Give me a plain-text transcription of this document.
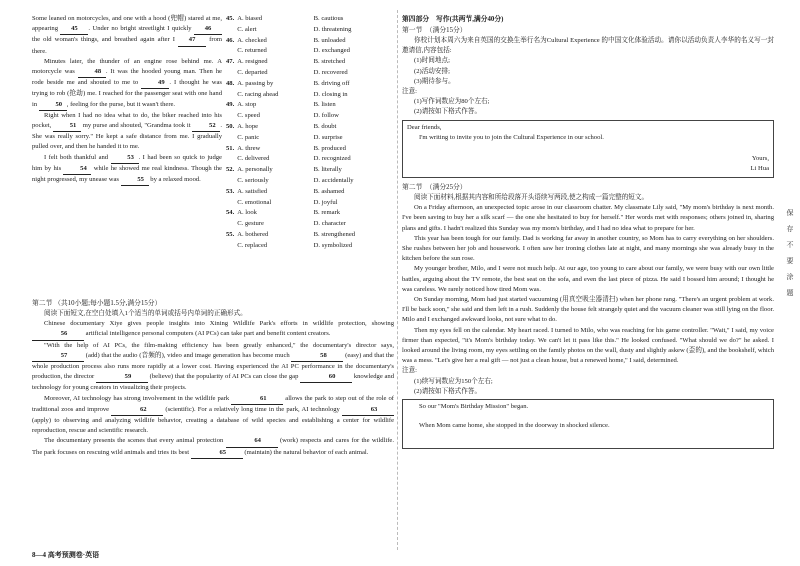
Some leaned on motorcycles, and one with a hood (兜帽) stared at me, appearing 45 . Under no bright streetlight I quickly 46 the old woman's things, and breathed again after I 47 from there.

Minutes later, the thunder of an engine rose behind me. A motorcycle was	48 . It was the hooded young man. Then he rode beside me and shouted to me to	49 . I thought he was trying to rob (抢劫) me. I reached for the passenger seat with one hand in	50 , feeling for the purse, but it wasn't there.

Right when I had no idea what to do, the biker reached into his pocket,	51 my purse and shouted, "Grandma took it	52 . She was really sorry." He kept a safe distance from me. I gradually pulled over, and then he handed it to me.

I felt both thankful and	53 . I had been so quick to judge him by his	54 while he showed me real kindness. Though the night progressed, my unease was	55 by a relaxed mood.

45. A. biased	B. cautious
C. alert	D. threatening
46. A. checked	B. unloaded
C. returned	D. exchanged
47. A. resigned	B. stretched
C. departed	D. recovered
48. A. passing by	B. driving off
C. racing ahead	D. closing in
49. A. stop	B. listen
C. speed	D. follow
50. A. hope	B. doubt
C. panic	D. surprise
51. A. threw	B. produced
C. delivered	D. recognized
52. A. personally	B. literally
C. seriously	D. accidentally
53. A. satisfied	B. ashamed
C. emotional	D. joyful
54. A. look	B. remark
C. gesture	D. character
55. A. bothered	B. strengthened
C. replaced	D. symbolized

第二节 （共10小题;每小题1.5分,满分15分）

阅读下面短文,在空白处填入1个适当的单词或括号内单词的正确形式。

Chinese documentary Xiye gives people insights into Xining Wildlife Park's efforts in wildlife protection, showing 56	artificial intelligence personal computers (AI PCs) can take part and benefit content creators.

"With the help of AI PCs, the film-making efficiency has been greatly enhanced," the documentary's director says, 57	(add) that the audio (音频的), video and image generation has become much	58	(easy) and that the whole production process also runs more rapidly at a lower cost. Having experienced the AI PC performance in the documentary's production, the director	59	(believe) that the popularity of AI PCs can close the gap	60	knowledge and technology for young creators in visualizing their projects.

Moreover, AI technology has strong involvement in the wildlife park	61	allows the park to step out of the role of traditional zoos and improve	62	(scientific). For a relatively long time in the park, AI technology	63 (apply) to observing and analyzing wildlife behavior, creating a database of wild species and establishing a center for wildlife reproduction, rescue and scientific research.

The documentary presents the scenes that every animal protection	64	(work) respects and cares for the wildlife. The park focuses on rescuing wild animals and tries its best	65	(maintain) the natural behavior of each animal.

第四部分　写作(共两节,满分40分)

第一节　（满分15分）

你校计划本周六为来自英国的交换生举行名为Cultural Experience 的中国文化体验活动。请你以活动负责人李华的名义写一封邀请信,内容包括:

(1)时间地点;

(2)活动安排;

(3)期待参与。

注意:

(1)写作词数应为80个左右;

(2)请按如下格式作答。

Dear friends,

I'm writing to invite you to join the Cultural Experience in our school.

Yours,

Li Hua

第二节　（满分25分）

阅读下面材料,根据其内容和所给段落开头语续写两段,使之构成一篇完整的短文。

On a Friday afternoon, an unexpected topic arose in our classroom chatter. My classmate Lily said, "My mom's birthday is next month. I've been saving to buy her a silk scarf — the one she hesitated to buy for herself." Her words met with responses; others joined in, sharing plans and gifts. I hadn't realized this Sunday was my mom's birthday, and I had no idea what to prepare for her.

This year has been tough for our family. Dad is working far away in another country, so Mom has to carry everything on her shoulders. She rushes between her job and housework. I often saw her ironing clothes late at night, and many mornings she was already busy in the kitchen before the sun rose.

My younger brother, Milo, and I were not much help. At our age, too young to care about our family, we were busy with our own little battles, arguing about the TV remote, the best seat on the sofa, and even the last piece of pizza. He said I bossed him around; I thought he was careless. We rarely noticed how tired Mom was.

On Sunday morning, Mom had just started vacuuming (用真空吸尘器清扫) when her phone rang. "There's an urgent problem at work. I'll be back soon," she said and then left in a rush. Suddenly the house felt strangely quiet and the vacuum cleaner was still lying on the floor. Milo and I exchanged awkward looks, not sure what to do.

Then my eyes fell on the calendar. My heart raced. I turned to Milo, who was reaching for his game controller. "Wait," I said, my voice firmer than expected, "it's Mom's birthday today. We can't let it pass like this." He looked confused. "What should we do?" he asked. I looked around the living room, my eyes settling on the family photos on the wall, dusty and slightly askew (歪的), and the bookshelf, which was a mess. "Let's give her a real gift — not just a clean house, but a renewed home," I said, determined.

注意:

(1)续写词数应为150个左右;

(2)请按如下格式作答。

So our "Mom's Birthday Mission" began.

When Mom came home, she stopped in the doorway in shocked silence.

保
存
不
要
涂
题
8—4 高考预测卷·英语
